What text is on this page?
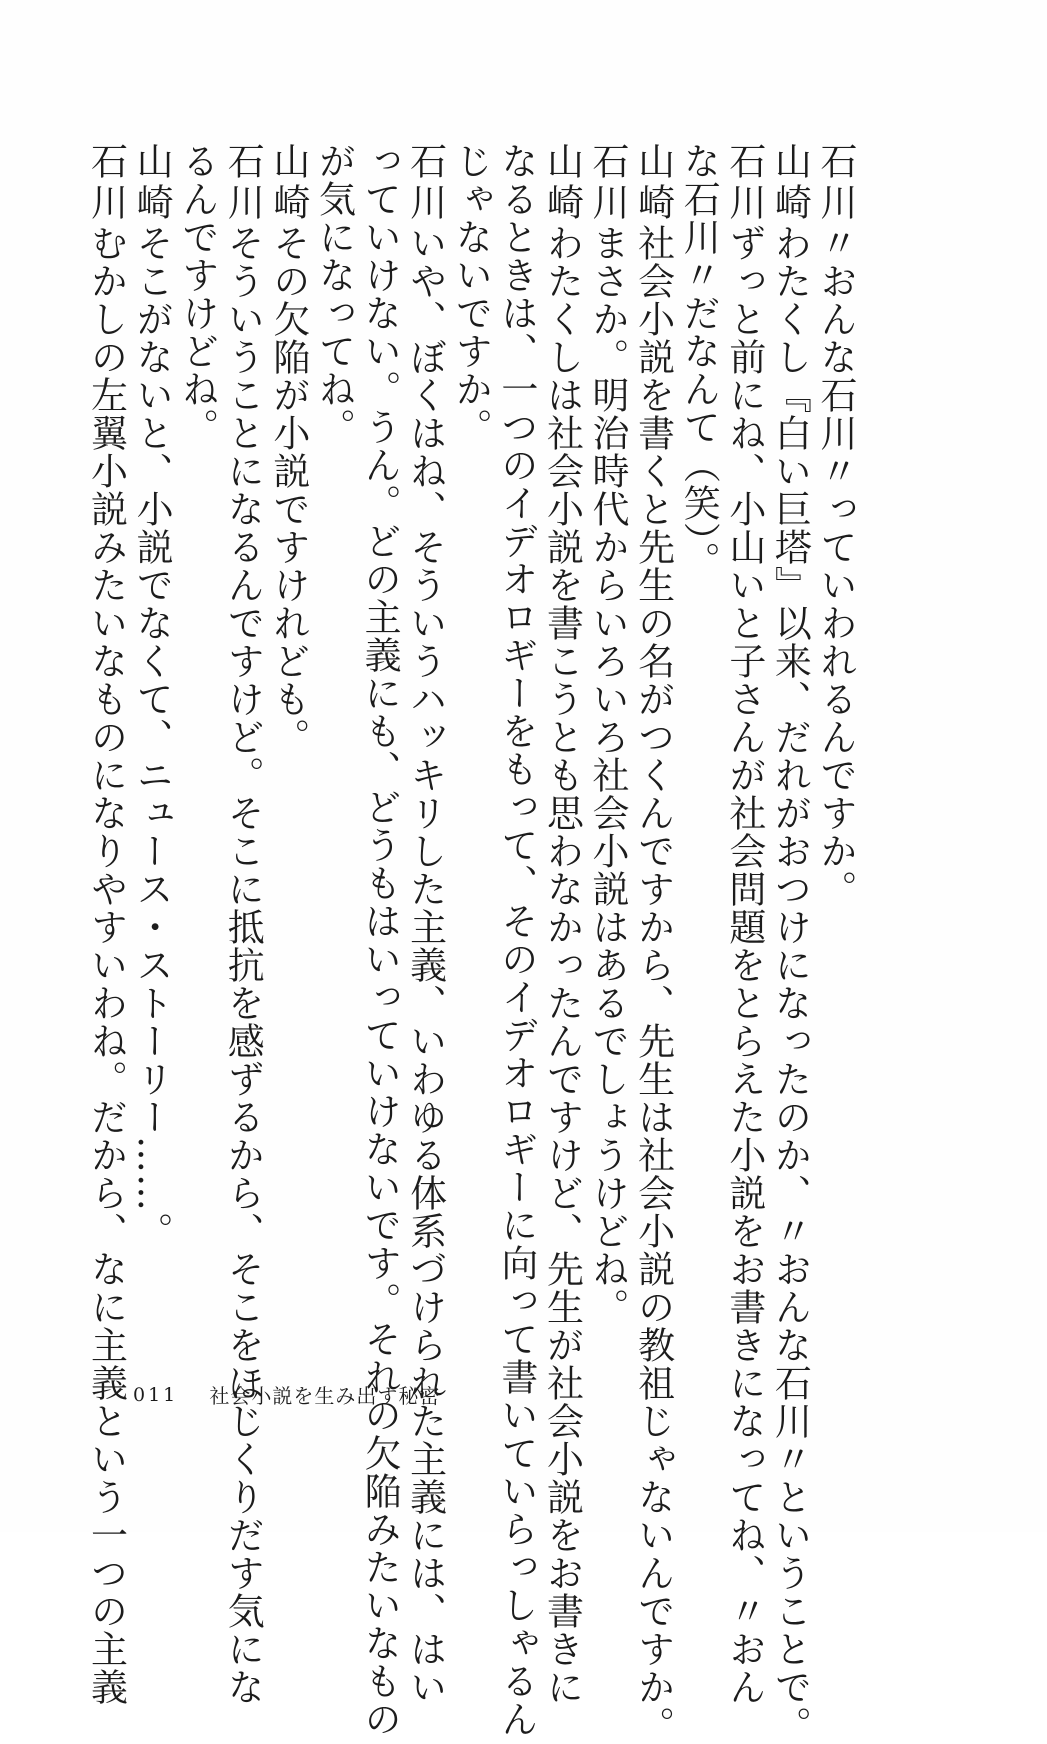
石川〃おんな石川〃っていわれるんですか。
山崎わたくし『白い巨塔』以来、だれがおつけになったのか、〃おんな石川〃ということで。
石川ずっと前にね、小山いと子さんが社会問題をとらえた小説をお書きになってね、〃おん
な石川〃だなんて（笑）。
山崎社会小説を書くと先生の名がつくんですから、先生は社会小説の教祖じゃないんですか。
石川まさか。明治時代からいろいろ社会小説はあるでしょうけどね。
山崎わたくしは社会小説を書こうとも思わなかったんですけど、先生が社会小説をお書きに
なるときは、一つのイデオロギーをもって、そのイデオロギーに向って書いていらっしゃるん
じゃないですか。
石川いや、ぼくはね、そういうハッキリした主義、いわゆる体系づけられた主義には、はい
っていけない。うん。どの主義にも、どうもはいっていけないです。それの欠陥みたいなもの
が気になってね。
山崎その欠陥が小説ですけれども。
石川そういうことになるんですけど。そこに抵抗を感ずるから、そこをほじくりだす気にな
るんですけどね。
山崎そこがないと、小説でなくて、ニュース・ストーリー……。
石川むかしの左翼小説みたいなものになりやすいわね。だから、なに主義という一つの主義 011 社会小説を生み出す秘密
